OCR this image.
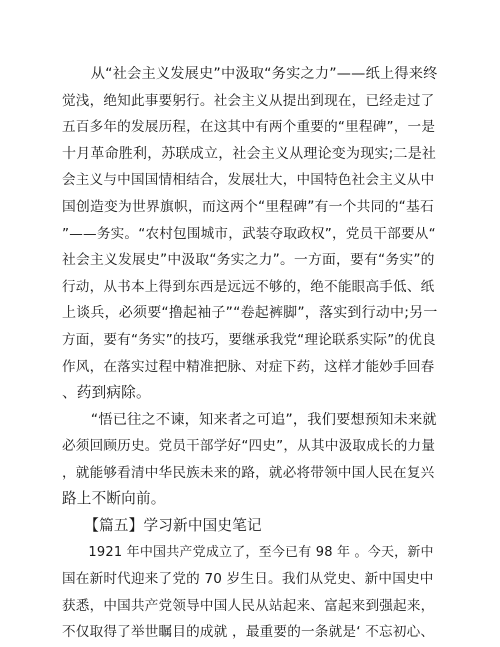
　　从“社会主义发展史”中汲取“务实之力”——纸上得来终
觉浅，绝知此事要躬行。社会主义从提出到现在，已经走过了
五百多年的发展历程，在这其中有两个重要的“里程碑”，一是
十月革命胜利，苏联成立，社会主义从理论变为现实;二是社
会主义与中国国情相结合，发展壮大，中国特色社会主义从中
国创造变为世界旗帜，而这两个“里程碑”有一个共同的“基石
”——务实。“农村包围城市，武装夺取政权”，党员干部要从“
社会主义发展史”中汲取“务实之力”。一方面，要有“务实”的
行动，从书本上得到东西是远远不够的，绝不能眼高手低、纸
上谈兵，必须要“撸起袖子”“卷起裤脚”，落实到行动中;另一
方面，要有“务实”的技巧，要继承我党“理论联系实际”的优良
作风，在落实过程中精准把脉、对症下药，这样才能妙手回春
、药到病除。
　　“悟已往之不谏，知来者之可追”，我们要想预知未来就
必须回顾历史。党员干部学好“四史”，从其中汲取成长的力量
，就能够看清中华民族未来的路，就必将带领中国人民在复兴
路上不断向前。
　　【篇五】学习新中国史笔记
　　1921 年中国共产党成立了，至今已有 98 年 。今天，新中
国在新时代迎来了党的 70 岁生日。我们从党史、新中国史中
获悉，中国共产党领导中国人民从站起来、富起来到强起来，
不仅取得了举世瞩目的成就 ，最重要的一条就是‘ 不忘初心、
